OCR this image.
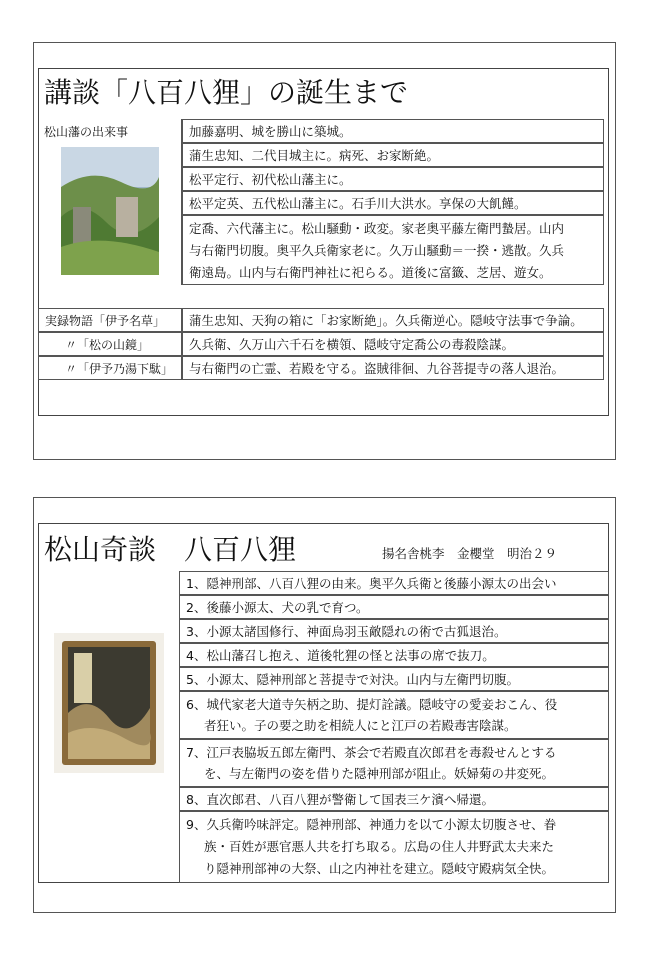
講談「八百八狸」の誕生まで
松山藩の出来事	加藤嘉明、城を勝山に築城。
蒲生忠知、二代目城主に。病死、お家断絶。
松平定行、初代松山藩主に。
松平定英、五代松山藩主に。石手川大洪水。享保の大飢饉。
定喬、六代藩主に。松山騒動・政変。家老奥平藤左衛門蟄居。山内
与右衛門切腹。奥平久兵衛家老に。久万山騒動＝一揆・逃散。久兵
衛遠島。山内与右衛門神社に祀らる。道後に富籤、芝居、遊女。
実録物語「伊予名草」	蒲生忠知、天狗の箱に「お家断絶」。久兵衛逆心。隠岐守法事で争論。
〃「松の山鏡」	久兵衛、久万山六千石を横領、隠岐守定喬公の毒殺陰謀。
〃「伊予乃湯下駄」	与右衛門の亡霊、若殿を守る。盗賊徘徊、九谷菩提寺の落人退治。
松山奇談　八百八狸	揚名舎桃李　金櫻堂　明治２９
1、隠神刑部、八百八狸の由来。奥平久兵衛と後藤小源太の出会い
2、後藤小源太、犬の乳で育つ。
3、小源太諸国修行、神面烏羽玉敵隠れの術で古狐退治。
4、松山藩召し抱え、道後牝狸の怪と法事の席で抜刀。
5、小源太、隠神刑部と菩提寺で対決。山内与左衛門切腹。
6、城代家老大道寺矢柄之助、提灯詮議。隠岐守の愛妾おこん、役
者狂い。子の要之助を相続人にと江戸の若殿毒害陰謀。
7、江戸表脇坂五郎左衛門、茶会で若殿直次郎君を毒殺せんとする
を、与左衛門の姿を借りた隠神刑部が阻止。妖婦菊の井変死。
8、直次郎君、八百八狸が警衛して国表三ケ濱へ帰還。
9、久兵衛吟味評定。隠神刑部、神通力を以て小源太切腹させ、眷
族・百姓が悪官悪人共を打ち取る。広島の住人井野武太夫来た
り隠神刑部神の大祭、山之内神社を建立。隠岐守殿病気全快。
